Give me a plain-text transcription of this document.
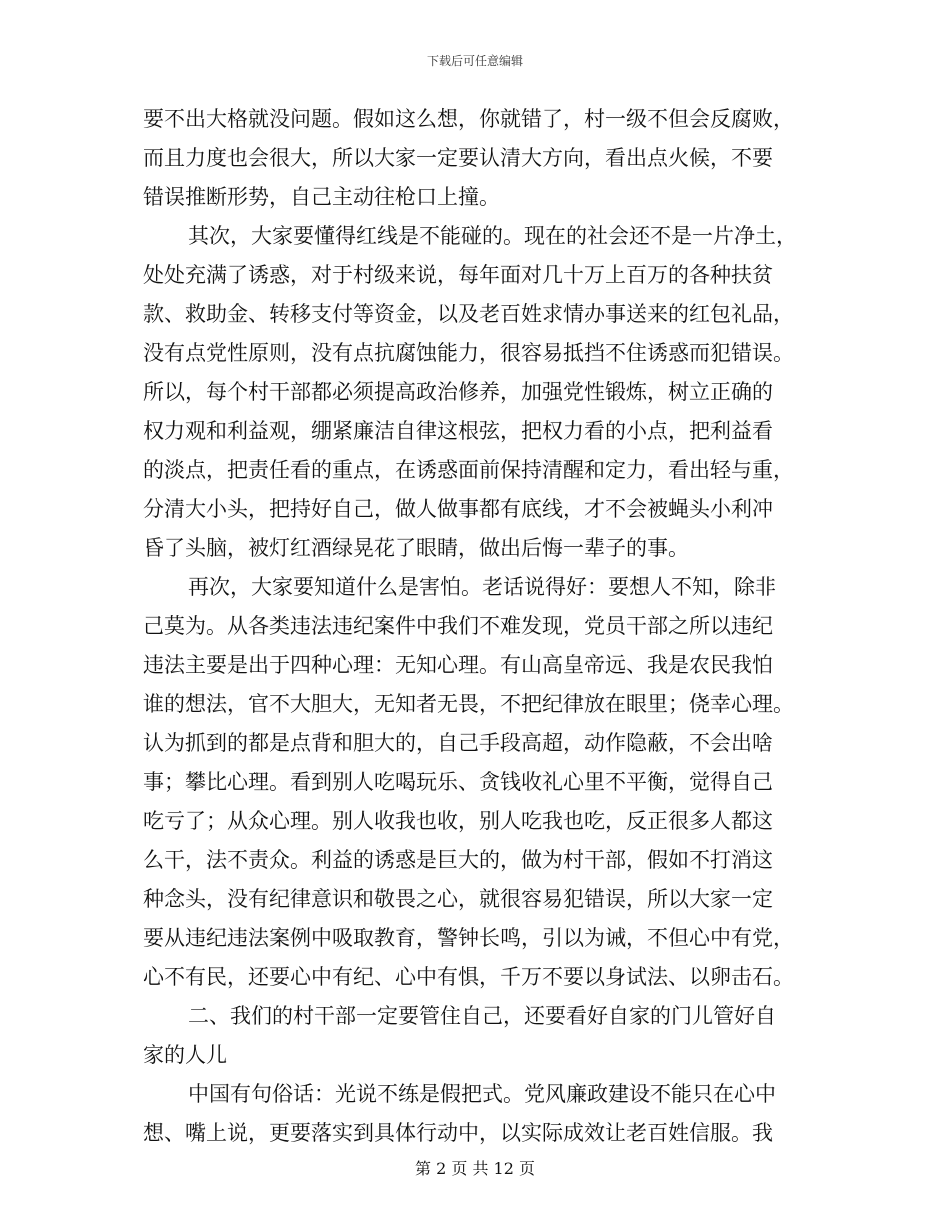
下载后可任意编辑
要不出大格就没问题。假如这么想，你就错了，村一级不但会反腐败，
而且力度也会很大，所以大家一定要认清大方向，看出点火候，不要
错误推断形势，自己主动往枪口上撞。
其次，大家要懂得红线是不能碰的。现在的社会还不是一片净土，
处处充满了诱惑，对于村级来说，每年面对几十万上百万的各种扶贫
款、救助金、转移支付等资金，以及老百姓求情办事送来的红包礼品，
没有点党性原则，没有点抗腐蚀能力，很容易抵挡不住诱惑而犯错误。
所以，每个村干部都必须提高政治修养，加强党性锻炼，树立正确的
权力观和利益观，绷紧廉洁自律这根弦，把权力看的小点，把利益看
的淡点，把责任看的重点，在诱惑面前保持清醒和定力，看出轻与重，
分清大小头，把持好自己，做人做事都有底线，才不会被蝇头小利冲
昏了头脑，被灯红酒绿晃花了眼睛，做出后悔一辈子的事。
再次，大家要知道什么是害怕。老话说得好：要想人不知，除非
己莫为。从各类违法违纪案件中我们不难发现，党员干部之所以违纪
违法主要是出于四种心理：无知心理。有山高皇帝远、我是农民我怕
谁的想法，官不大胆大，无知者无畏，不把纪律放在眼里；侥幸心理。
认为抓到的都是点背和胆大的，自己手段高超，动作隐蔽，不会出啥
事；攀比心理。看到别人吃喝玩乐、贪钱收礼心里不平衡，觉得自己
吃亏了；从众心理。别人收我也收，别人吃我也吃，反正很多人都这
么干，法不责众。利益的诱惑是巨大的，做为村干部，假如不打消这
种念头，没有纪律意识和敬畏之心，就很容易犯错误，所以大家一定
要从违纪违法案例中吸取教育，警钟长鸣，引以为诫，不但心中有党，
心不有民，还要心中有纪、心中有惧，千万不要以身试法、以卵击石。
二、我们的村干部一定要管住自己，还要看好自家的门儿管好自
家的人儿
中国有句俗话：光说不练是假把式。党风廉政建设不能只在心中
想、嘴上说，更要落实到具体行动中，以实际成效让老百姓信服。我
第 2 页 共 12 页
